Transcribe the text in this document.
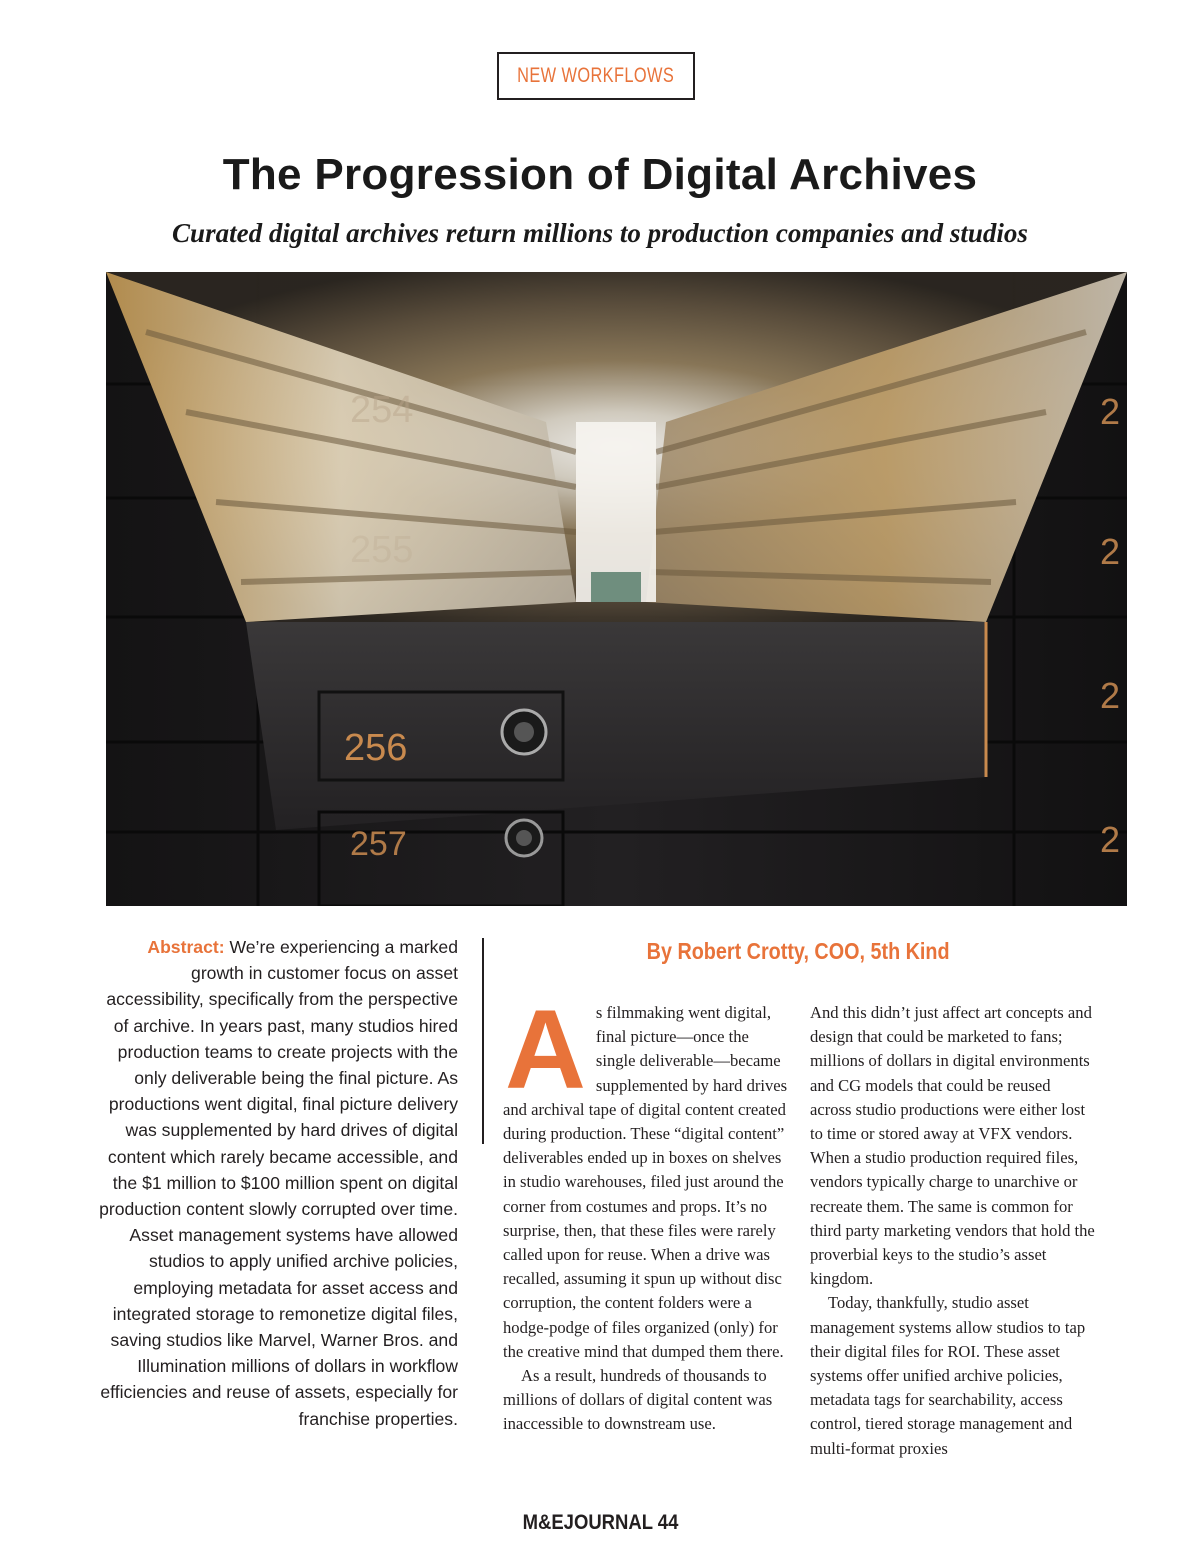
NEW WORKFLOWS
The Progression of Digital Archives
Curated digital archives return millions to production companies and studios
256
257
254
255
2
2
2
2
Abstract: We’re experiencing a marked growth in customer focus on asset accessibility, specifically from the perspective of archive. In years past, many studios hired production teams to create projects with the only deliverable being the final picture. As productions went digital, final picture delivery was supplemented by hard drives of digital content which rarely became accessible, and the $1 million to $100 million spent on digital production content slowly corrupted over time. Asset management systems have allowed studios to apply unified archive policies, employing metadata for asset access and integrated storage to remonetize digital files, saving studios like Marvel, Warner Bros. and Illumination millions of dollars in workflow efficiencies and reuse of assets, especially for franchise properties.
By Robert Crotty, COO, 5th Kind
A s filmmaking went digital, final picture—once the single deliverable—became supplemented by hard drives and archival tape of digital content created during production. These “digital content” deliverables ended up in boxes on shelves in studio warehouses, filed just around the corner from costumes and props. It’s no surprise, then, that these files were rarely called upon for reuse. When a drive was recalled, assuming it spun up without disc corruption, the content folders were a hodge-podge of files organized (only) for the creative mind that dumped them there.

As a result, hundreds of thousands to millions of dollars of digital content was inaccessible to downstream use.

And this didn’t just affect art concepts and design that could be marketed to fans; millions of dollars in digital environments and CG models that could be reused across studio productions were either lost to time or stored away at VFX vendors. When a studio production required files, vendors typically charge to unarchive or recreate them. The same is common for third party marketing vendors that hold the proverbial keys to the studio’s asset kingdom.

Today, thankfully, studio asset management systems allow studios to tap their digital files for ROI. These asset systems offer unified archive policies, metadata tags for searchability, access control, tiered storage management and multi-format proxies

M&EJOURNAL 44
